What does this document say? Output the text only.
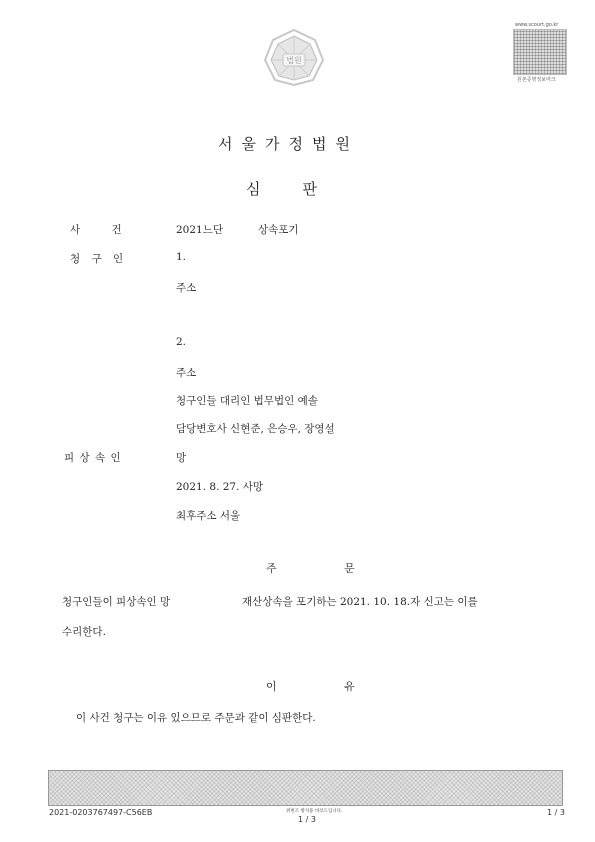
법원
www.scourt.go.kr
원본증명정보마크
서울가정법원
심판
사 건	2021느단	상속포기
청 구 인	1.
주소
2.
주소
청구인들 대리인 법무법인 예솔
담당변호사 신현준, 은승우, 장영설
피 상 속 인	망
2021. 8. 27. 사망
최후주소 서울
주 문
청구인들이 피상속인 망	재산상속을 포기하는 2021. 10. 18.자 신고는 이를
수리한다.
이 유
이 사건 청구는 이유 있으므로 주문과 같이 심판한다.
2021-0203767497-C56EB	위변조 방지용 바코드입니다.
1 / 3
1 / 3
